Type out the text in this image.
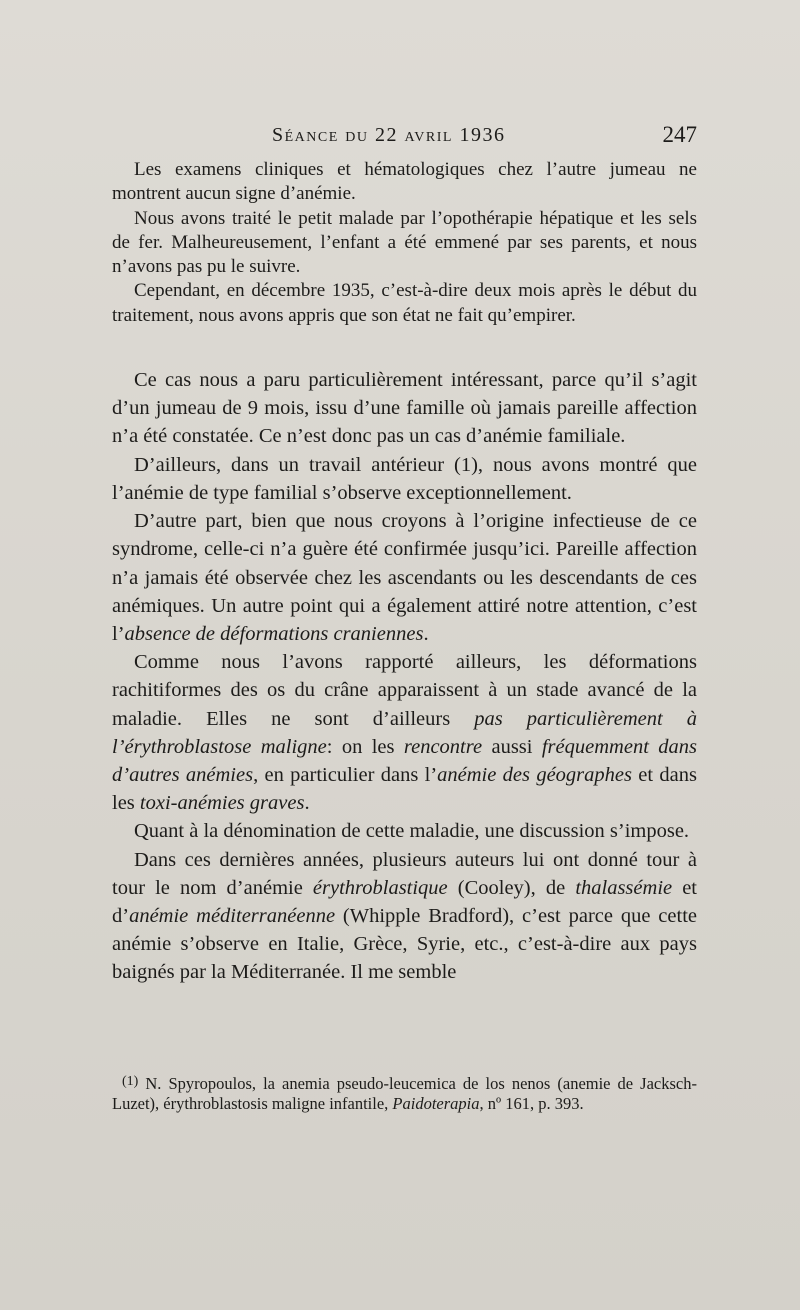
Séance du 22 avril 1936	247

Les examens cliniques et hématologiques chez l’autre jumeau ne montrent aucun signe d’anémie.

Nous avons traité le petit malade par l’opothérapie hépatique et les sels de fer. Malheureusement, l’enfant a été emmené par ses parents, et nous n’avons pas pu le suivre.

Cependant, en décembre 1935, c’est-à-dire deux mois après le début du traitement, nous avons appris que son état ne fait qu’empirer.

Ce cas nous a paru particulièrement intéressant, parce qu’il s’agit d’un jumeau de 9 mois, issu d’une famille où jamais pareille affection n’a été constatée. Ce n’est donc pas un cas d’anémie familiale.

D’ailleurs, dans un travail antérieur (1), nous avons montré que l’anémie de type familial s’observe exceptionnellement.

D’autre part, bien que nous croyons à l’origine infectieuse de ce syndrome, celle-ci n’a guère été confirmée jusqu’ici. Pareille affection n’a jamais été observée chez les ascendants ou les descendants de ces anémiques. Un autre point qui a également attiré notre attention, c’est l’absence de déformations craniennes.

Comme nous l’avons rapporté ailleurs, les déformations rachitiformes des os du crâne apparaissent à un stade avancé de la maladie. Elles ne sont d’ailleurs pas particulièrement à l’érythroblastose maligne: on les rencontre aussi fréquemment dans d’autres anémies, en particulier dans l’anémie des géographes et dans les toxi-anémies graves.

Quant à la dénomination de cette maladie, une discussion s’impose.

Dans ces dernières années, plusieurs auteurs lui ont donné tour à tour le nom d’anémie érythroblastique (Cooley), de thalassémie et d’anémie méditerranéenne (Whipple Bradford), c’est parce que cette anémie s’observe en Italie, Grèce, Syrie, etc., c’est-à-dire aux pays baignés par la Méditerranée. Il me semble

$^{(1)}$ N. Spyropoulos, la anemia pseudo-leucemica de los nenos (anemie de Jacksch-Luzet), érythroblastosis maligne infantile, Paidoterapia, nº 161, p. 393.
